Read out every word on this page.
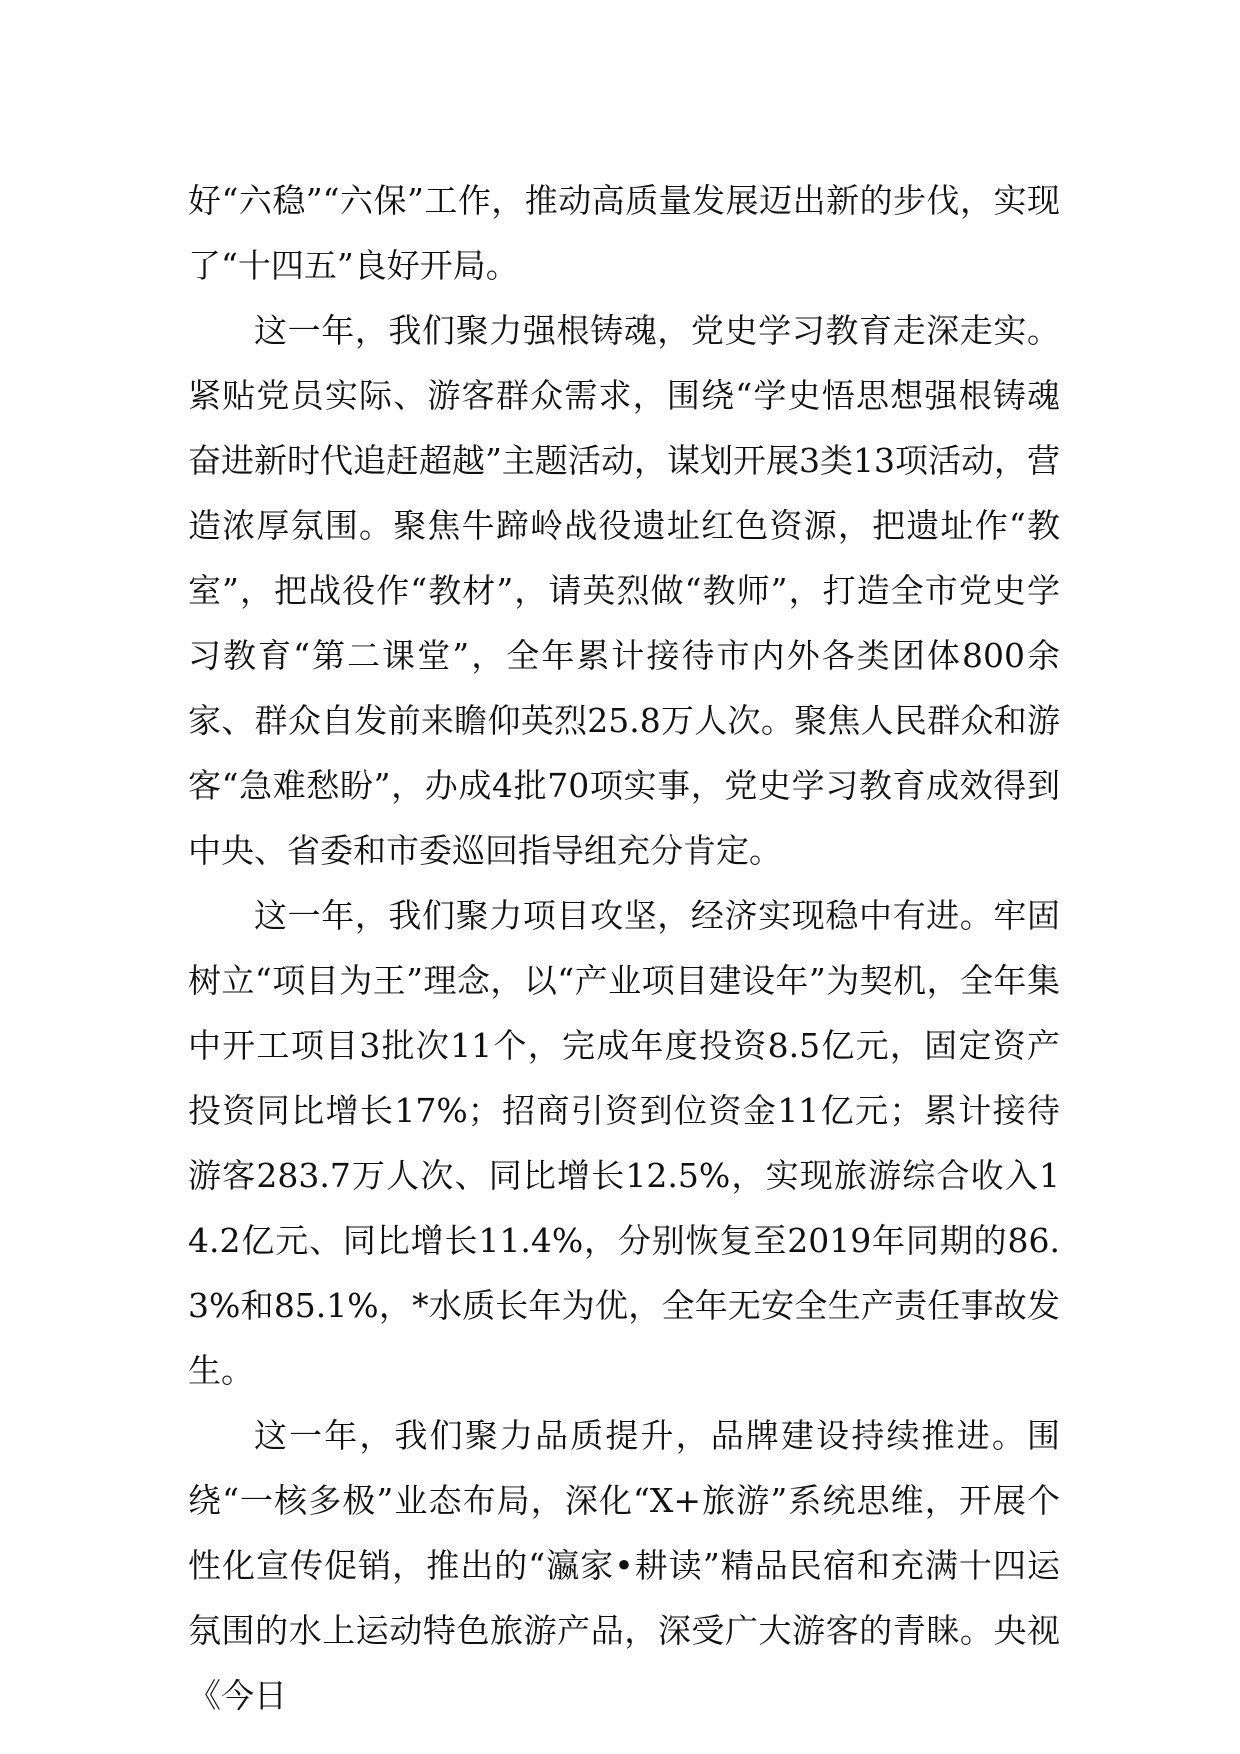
好“六稳”“六保”工作，推动高质量发展迈出新的步伐，实现了“十四五”良好开局。

这一年，我们聚力强根铸魂，党史学习教育走深走实。紧贴党员实际、游客群众需求，围绕“学史悟思想强根铸魂 奋进新时代追赶超越”主题活动，谋划开展3类13项活动，营造浓厚氛围。聚焦牛蹄岭战役遗址红色资源，把遗址作“教室”，把战役作“教材”，请英烈做“教师”，打造全市党史学习教育“第二课堂”，全年累计接待市内外各类团体800余家、群众自发前来瞻仰英烈25.8万人次。聚焦人民群众和游客“急难愁盼”，办成4批70项实事，党史学习教育成效得到中央、省委和市委巡回指导组充分肯定。

这一年，我们聚力项目攻坚，经济实现稳中有进。牢固树立“项目为王”理念，以“产业项目建设年”为契机，全年集中开工项目3批次11个，完成年度投资8.5亿元，固定资产投资同比增长17%；招商引资到位资金11亿元；累计接待游客283.7万人次、同比增长12.5%，实现旅游综合收入14.2亿元、同比增长11.4%，分别恢复至2019年同期的86.3%和85.1%，*水质长年为优，全年无安全生产责任事故发生。

这一年，我们聚力品质提升，品牌建设持续推进。围绕“一核多极”业态布局，深化“X+旅游”系统思维，开展个性化宣传促销，推出的“瀛家•耕读”精品民宿和充满十四运氛围的水上运动特色旅游产品，深受广大游客的青睐。央视《今日
